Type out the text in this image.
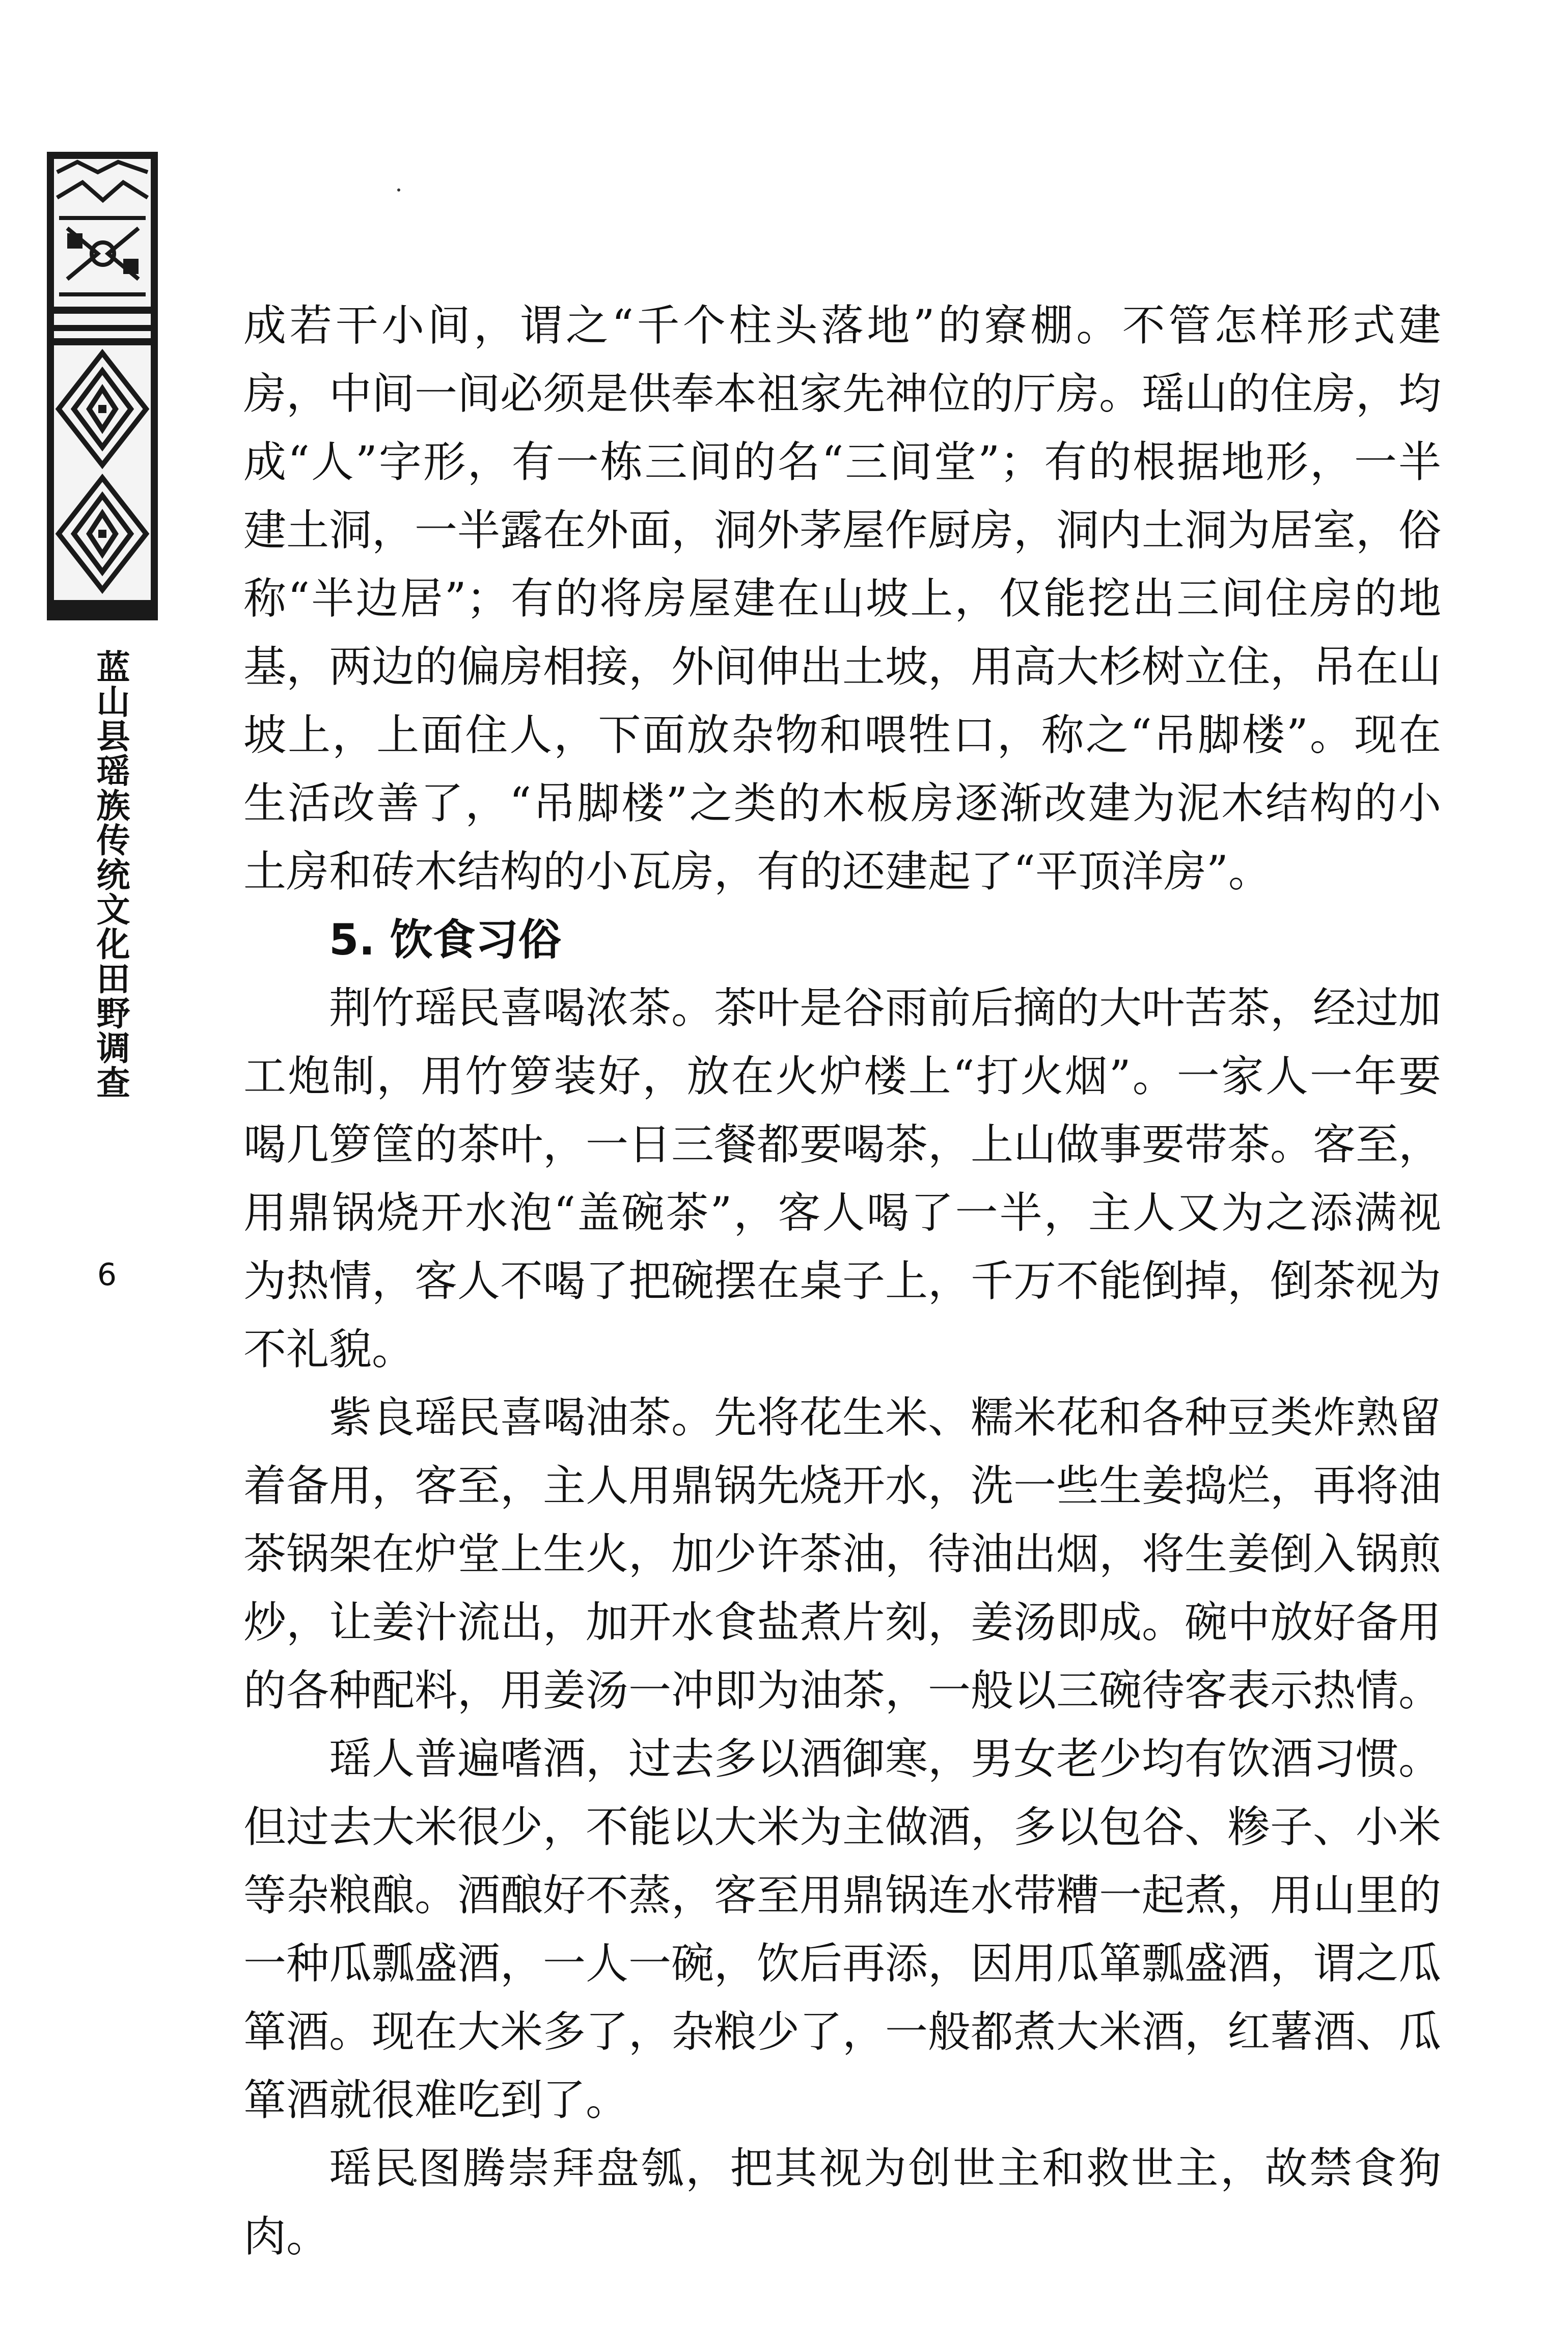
蓝山县瑶族传统文化田野调查
6

成若干小间，谓之“千个柱头落地”的寮棚。不管怎样形式建房，中间一间必须是供奉本祖家先神位的厅房。瑶山的住房，均成“人”字形，有一栋三间的名“三间堂”；有的根据地形，一半建土洞，一半露在外面，洞外茅屋作厨房，洞内土洞为居室，俗称“半边居”；有的将房屋建在山坡上，仅能挖出三间住房的地基，两边的偏房相接，外间伸出土坡，用高大杉树立住，吊在山坡上，上面住人，下面放杂物和喂牲口，称之“吊脚楼”。现在生活改善了，“吊脚楼”之类的木板房逐渐改建为泥木结构的小土房和砖木结构的小瓦房，有的还建起了“平顶洋房”。

5. 饮食习俗

荆竹瑶民喜喝浓茶。茶叶是谷雨前后摘的大叶苦茶，经过加工炮制，用竹箩装好，放在火炉楼上“打火烟”。一家人一年要喝几箩筐的茶叶，一日三餐都要喝茶，上山做事要带茶。客至，用鼎锅烧开水泡“盖碗茶”，客人喝了一半，主人又为之添满视为热情，客人不喝了把碗摆在桌子上，千万不能倒掉，倒茶视为不礼貌。

紫良瑶民喜喝油茶。先将花生米、糯米花和各种豆类炸熟留着备用，客至，主人用鼎锅先烧开水，洗一些生姜捣烂，再将油茶锅架在炉堂上生火，加少许茶油，待油出烟，将生姜倒入锅煎炒，让姜汁流出，加开水食盐煮片刻，姜汤即成。碗中放好备用的各种配料，用姜汤一冲即为油茶，一般以三碗待客表示热情。

瑶人普遍嗜酒，过去多以酒御寒，男女老少均有饮酒习惯。但过去大米很少，不能以大米为主做酒，多以包谷、糁子、小米等杂粮酿。酒酿好不蒸，客至用鼎锅连水带糟一起煮，用山里的一种瓜瓢盛酒，一人一碗，饮后再添，因用瓜箪瓢盛酒，谓之瓜箪酒。现在大米多了，杂粮少了，一般都煮大米酒，红薯酒、瓜箪酒就很难吃到了。

瑶民图腾崇拜盘瓠，把其视为创世主和救世主，故禁食狗肉。
